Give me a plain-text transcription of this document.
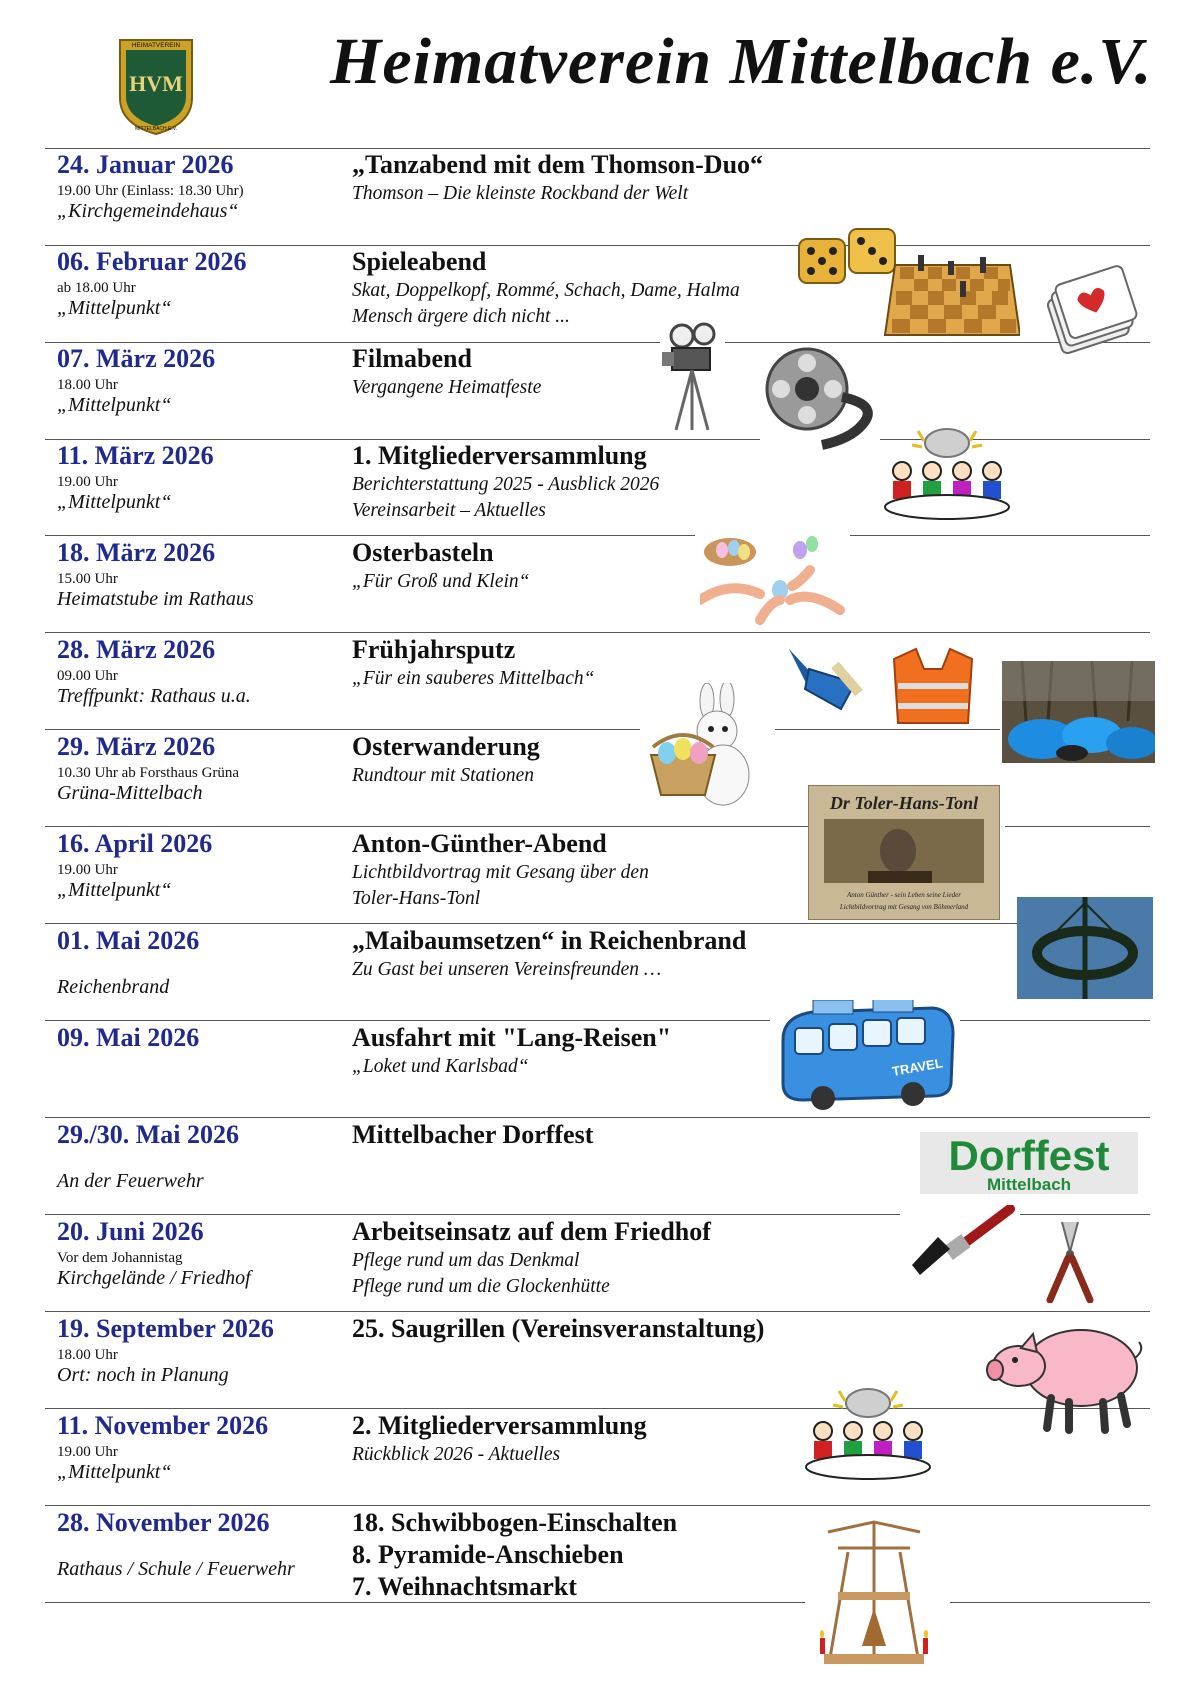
HEIMATVEREIN
HVM
MITTELBACH E.V.
Heimatverein Mittelbach e.V.
24. Januar 2026
19.00 Uhr (Einlass: 18.30 Uhr)
„Kirchgemeindehaus“
„Tanzabend mit dem Thomson-Duo“
Thomson – Die kleinste Rockband der Welt
06. Februar 2026
ab 18.00 Uhr
„Mittelpunkt“
Spieleabend
Skat, Doppelkopf, Rommé, Schach, Dame, Halma
Mensch ärgere dich nicht ...
07. März 2026
18.00 Uhr
„Mittelpunkt“
Filmabend
Vergangene Heimatfeste
11. März 2026
19.00 Uhr
„Mittelpunkt“
1. Mitgliederversammlung
Berichterstattung 2025 - Ausblick 2026
Vereinsarbeit – Aktuelles
18. März 2026
15.00 Uhr
Heimatstube im Rathaus
Osterbasteln
„Für Groß und Klein“
28. März 2026
09.00 Uhr
Treffpunkt: Rathaus u.a.
Frühjahrsputz
„Für ein sauberes Mittelbach“
29. März 2026
10.30 Uhr ab Forsthaus Grüna
Grüna-Mittelbach
Osterwanderung
Rundtour mit Stationen
16. April 2026
19.00 Uhr
„Mittelpunkt“
Anton-Günther-Abend
Lichtbildvortrag mit Gesang über den
Toler-Hans-Tonl
01. Mai 2026
Reichenbrand
„Maibaumsetzen“ in Reichenbrand
Zu Gast bei unseren Vereinsfreunden …
09. Mai 2026	Ausfahrt mit "Lang-Reisen"
„Loket und Karlsbad“
29./30. Mai 2026
An der Feuerwehr
Mittelbacher Dorffest
20. Juni 2026
Vor dem Johannistag
Kirchgelände / Friedhof
Arbeitseinsatz auf dem Friedhof
Pflege rund um das Denkmal
Pflege rund um die Glockenhütte
19. September 2026
18.00 Uhr
Ort: noch in Planung
25. Saugrillen (Vereinsveranstaltung)
11. November 2026
19.00 Uhr
„Mittelpunkt“
2. Mitgliederversammlung
Rückblick 2026 - Aktuelles
28. November 2026
Rathaus / Schule / Feuerwehr
18. Schwibbogen-Einschalten
8. Pyramide-Anschieben
7. Weihnachtsmarkt
Dr Toler-Hans-Tonl
Anton Günther - sein Leben seine Lieder
Lichtbildvortrag mit Gesang von Böhmerland
TRAVEL
Dorffest
Mittelbach
